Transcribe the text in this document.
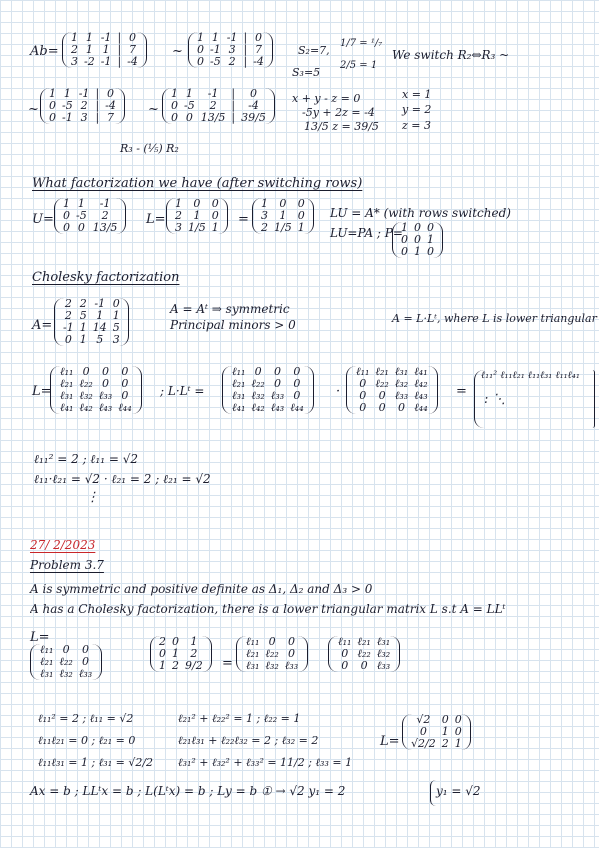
Ab=
1 1 -1 | 0
2 1 1 | 7
3 -2 -1 | -4
~
1 1 -1 | 0
0 -1 3 | 7
0 -5 2 | -4
S₂=7,
S₃=5
1/7 = ¹/₇
2/5 = 1
We switch R₂⇔R₃ ~
~
1 1 -1 | 0
0 -5 2 | -4
0 -1 3 | 7
~
1 1	-1	|	0
0 -5	2	|	-4
0 0 13/5 | 39/5
x + y - z = 0
-5y + 2z = -4
13/5 z = 39/5
x = 1
y = 2
z = 3
R₃ - (⅕) R₂
What factorization we have (after switching rows)
U=
1 1	-1
0 -5	2
0 0 13/5
L=
1	0	0
2	1	0
3 1/5 1
=
1	0	0
3	1	0
2 1/5 1
LU = A* (with rows switched)
LU=PA ; P=
1 0 0
0 0 1
0 1 0
Cholesky factorization
A=
2 2 -1 0
2 5 1 1
-1 1 14 5
0 1 5 3
A = Aᵗ ⇒ symmetric
Principal minors > 0	A = L·Lᵗ, where L is lower triangular
L=
ℓ₁₁ 0	0	0
ℓ₂₁ ℓ₂₂ 0	0
ℓ₃₁ ℓ₃₂ ℓ₃₃ 0
ℓ₄₁ ℓ₄₂ ℓ₄₃ ℓ₄₄
; L·Lᵗ =
ℓ₁₁ 0	0	0
ℓ₂₁ ℓ₂₂ 0	0
ℓ₃₁ ℓ₃₂ ℓ₃₃ 0
ℓ₄₁ ℓ₄₂ ℓ₄₃ ℓ₄₄
·
ℓ₁₁ ℓ₂₁ ℓ₃₁ ℓ₄₁
0 ℓ₂₂ ℓ₃₂ ℓ₄₂
0	0 ℓ₃₃ ℓ₄₃
0	0	0 ℓ₄₄
=
ℓ₁₁² ℓ₁₁ℓ₂₁ ℓ₁₁ℓ₃₁ ℓ₁₁ℓ₄₁
: ⋱
ℓ₁₁² = 2 ; ℓ₁₁ = √2
ℓ₁₁·ℓ₂₁ = √2 · ℓ₂₁ = 2 ; ℓ₂₁ = √2
⋮
27/ 2/2023
Problem 3.7
A is symmetric and positive definite as Δ₁, Δ₂ and Δ₃ > 0
A has a Cholesky factorization, there is a lower triangular matrix L s.t A = LLᵗ
L=
ℓ₁₁ 0	0
ℓ₂₁ ℓ₂₂ 0
ℓ₃₁ ℓ₃₂ ℓ₃₃
2 0	1
0 1	2
1 2 9/2 =
ℓ₁₁ 0	0
ℓ₂₁ ℓ₂₂ 0
ℓ₃₁ ℓ₃₂ ℓ₃₃
ℓ₁₁ ℓ₂₁ ℓ₃₁
0 ℓ₂₂ ℓ₃₂
0	0 ℓ₃₃
ℓ₁₁² = 2 ; ℓ₁₁ = √2
ℓ₁₁ℓ₂₁ = 0 ; ℓ₂₁ = 0
ℓ₁₁ℓ₃₁ = 1 ; ℓ₃₁ = √2/2
ℓ₂₁² + ℓ₂₂² = 1 ; ℓ₂₂ = 1
ℓ₂₁ℓ₃₁ + ℓ₂₂ℓ₃₂ = 2 ; ℓ₃₂ = 2
ℓ₃₁² + ℓ₃₂² + ℓ₃₃² = 11/2 ; ℓ₃₃ = 1
L=
√2	0 0
0	1 0
√2/2 2 1
Ax = b ; LLᵗx = b ; L(Lᵗx) = b ; Ly = b ① → √2 y₁ = 2	y₁ = √2
